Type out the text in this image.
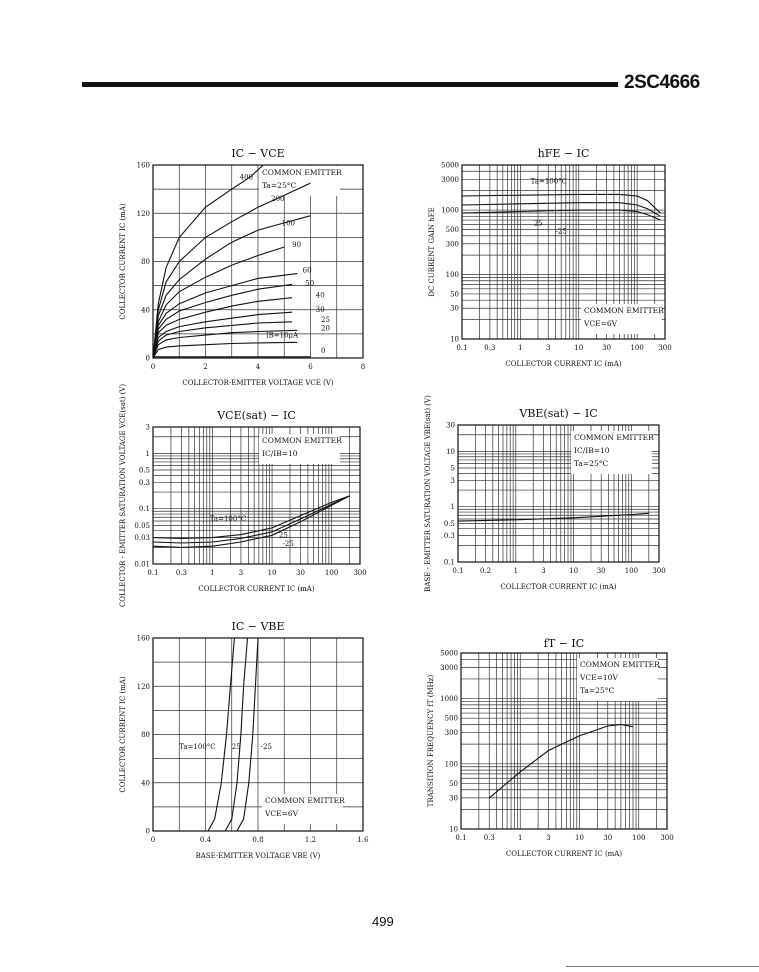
2SC4666
IC − VCE
COLLECTOR-EMITTER VOLTAGE VCE (V)
COLLECTOR CURRENT IC (mA)
0	2	4	6	8
0
40
80
120
160
COMMON EMITTER
Ta=25°C
400
200
100
90
60
50
40
30
25
20
IB=10μA
0
hFE − IC
COLLECTOR CURRENT IC (mA)
DC CURRENT GAIN hFE
0.1 0.3	1	3	10	30	100 300
10
30
50
100
300
500
1000
3000
5000
COMMON EMITTER
VCE=6V
Ta=100°C
25
-25
VCE(sat) − IC
COLLECTOR CURRENT IC (mA)
COLLECTOR - EMITTER SATURATION VOLTAGE VCE(sat) (V)	0.1 0.3	1	3	10	30	100 300
0.01
0.03
0.05
0.1
0.3
0.5
1
3
COMMON EMITTER
IC/IB=10
Ta=100°C
25
-25
VBE(sat) − IC
COLLECTOR CURRENT IC (mA)
BASE - EMITTER SATURATION VOLTAGE VBE(sat) (V)	0.1 0.2	1	3	10	30	100 300
0.1
0.3
0.5
1
3
5
10
30
COMMON EMITTER
IC/IB=10
Ta=25°C
IC − VBE
BASE-EMITTER VOLTAGE VBE (V)
COLLECTOR CURRENT IC (mA)
0	0.4	0.8	1.2	1.6
0
40
80
120
160
COMMON EMITTER
VCE=6V
Ta=100°C 25	-25
fT − IC
COLLECTOR CURRENT IC (mA)
TRANSITION FREQUENCY fT (MHz)
0.1 0.3	1	3	10	30	100 300
10
30
50
100
300
500
1000
3000
5000
COMMON EMITTER
VCE=10V
Ta=25°C
499
